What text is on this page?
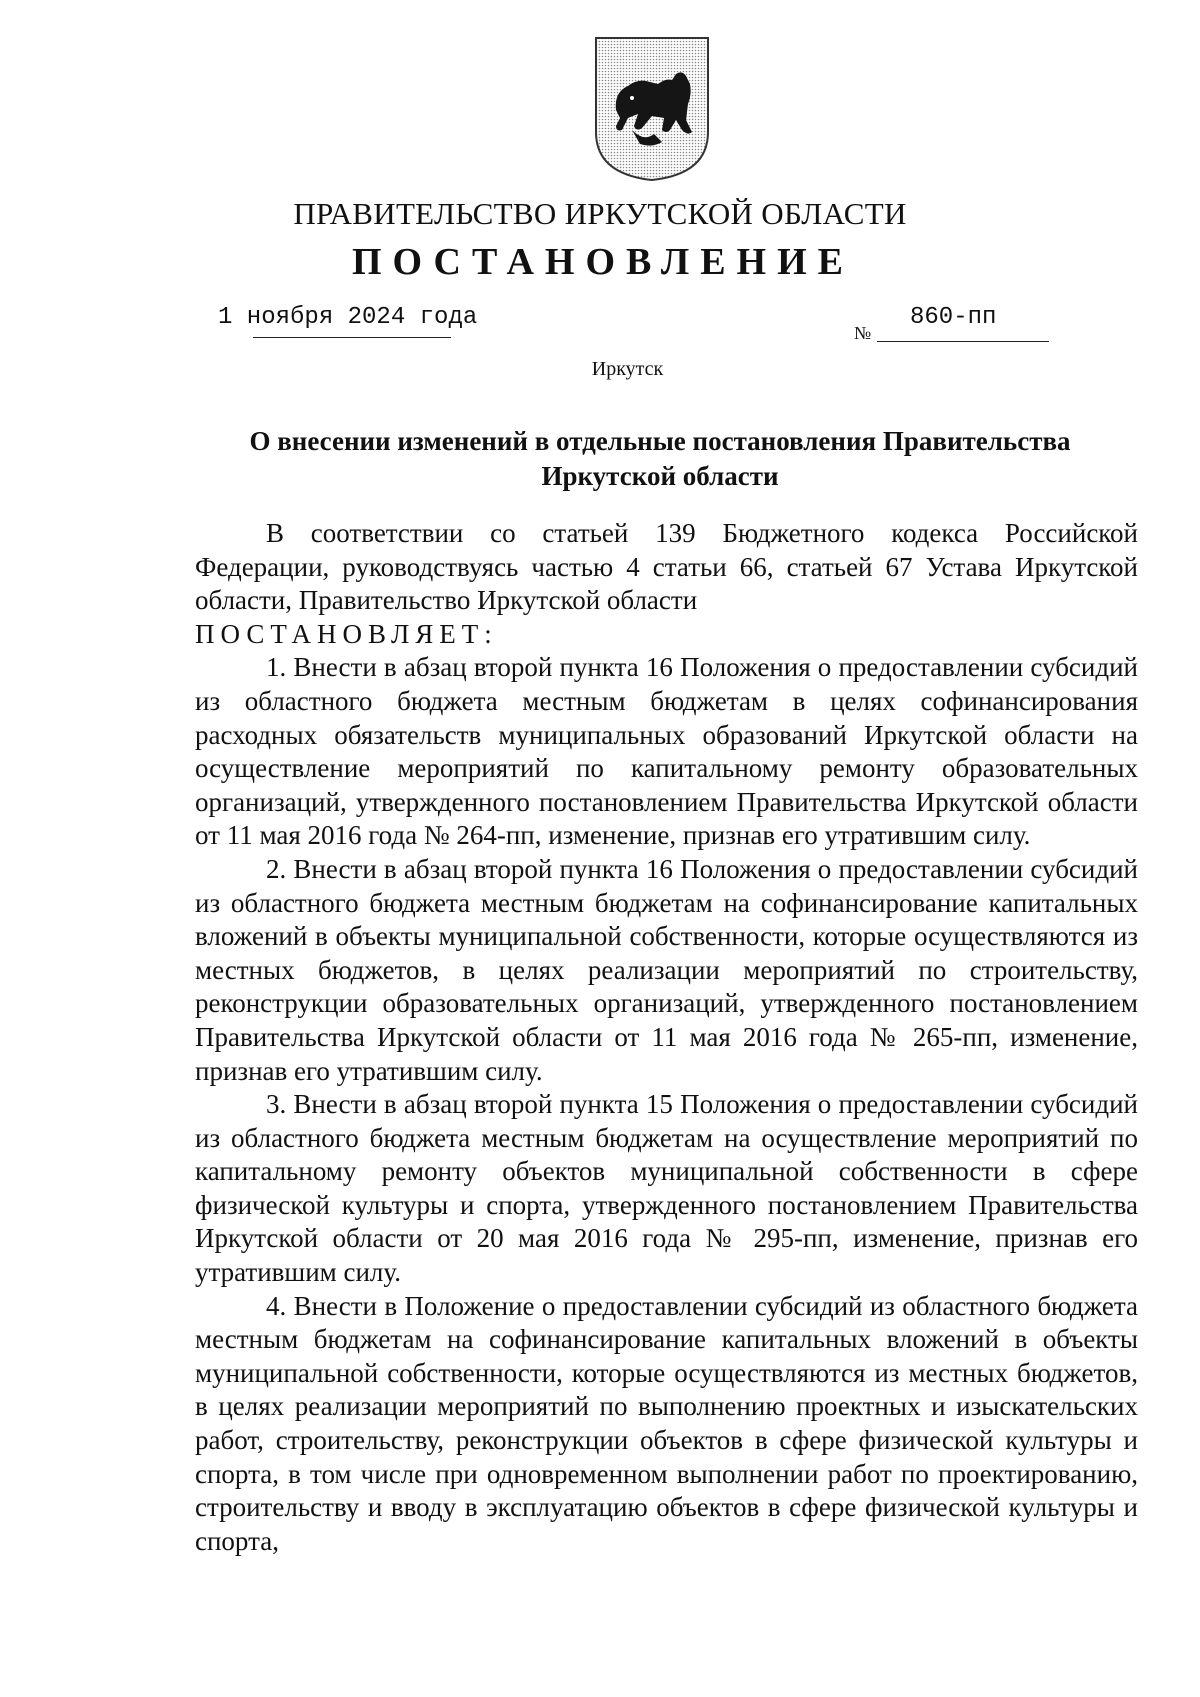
ПРАВИТЕЛЬСТВО ИРКУТСКОЙ ОБЛАСТИ
ПОСТАНОВЛЕНИЕ
1 ноября 2024 года
№
860-пп
Иркутск
О внесении изменений в отдельные постановления Правительства
Иркутской области

В соответствии со статьей 139 Бюджетного кодекса Российской Федерации, руководствуясь частью 4 статьи 66, статьей 67 Устава Иркутской области, Правительство Иркутской области

ПОСТАНОВЛЯЕТ:

1. Внести в абзац второй пункта 16 Положения о предоставлении субсидий из областного бюджета местным бюджетам в целях софинансирования расходных обязательств муниципальных образований Иркутской области на осуществление мероприятий по капитальному ремонту образовательных организаций, утвержденного постановлением Правительства Иркутской области от 11 мая 2016 года № 264-пп, изменение, признав его утратившим силу.

2. Внести в абзац второй пункта 16 Положения о предоставлении субсидий из областного бюджета местным бюджетам на софинансирование капитальных вложений в объекты муниципальной собственности, которые осуществляются из местных бюджетов, в целях реализации мероприятий по строительству, реконструкции образовательных организаций, утвержденного постановлением Правительства Иркутской области от 11 мая 2016 года № 265-пп, изменение, признав его утратившим силу.

3. Внести в абзац второй пункта 15 Положения о предоставлении субсидий из областного бюджета местным бюджетам на осуществление мероприятий по капитальному ремонту объектов муниципальной собственности в сфере физической культуры и спорта, утвержденного постановлением Правительства Иркутской области от 20 мая 2016 года № 295-пп, изменение, признав его утратившим силу.

4. Внести в Положение о предоставлении субсидий из областного бюджета местным бюджетам на софинансирование капитальных вложений в объекты муниципальной собственности, которые осуществляются из местных бюджетов, в целях реализации мероприятий по выполнению проектных и изыскательских работ, строительству, реконструкции объектов в сфере физической культуры и спорта, в том числе при одновременном выполнении работ по проектированию, строительству и вводу в эксплуатацию объектов в сфере физической культуры и спорта,
